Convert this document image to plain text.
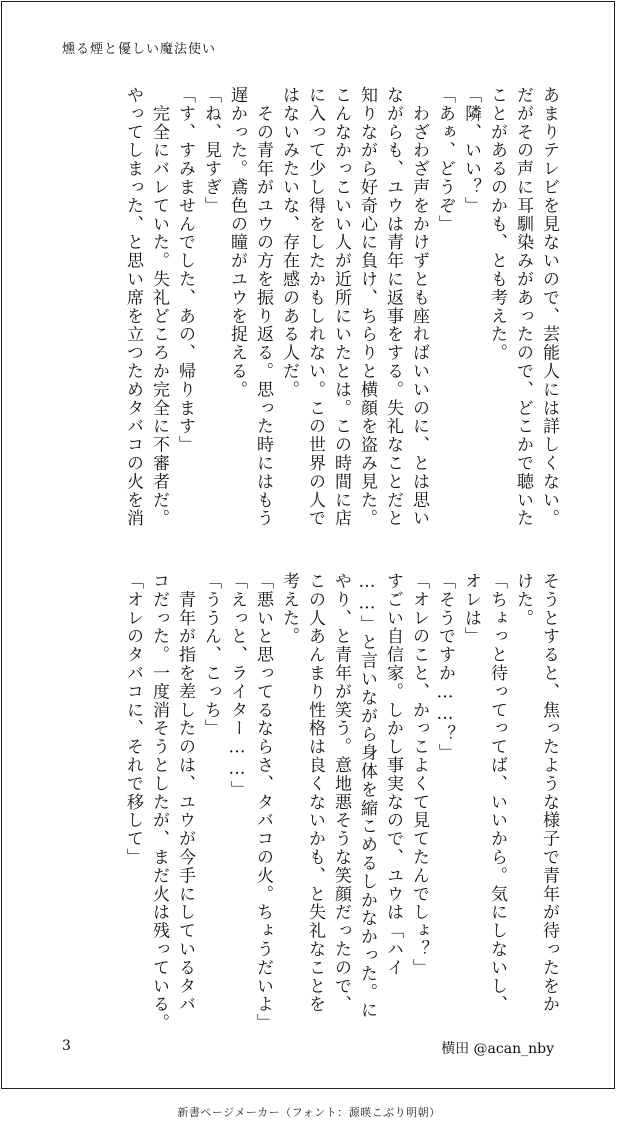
燻る煙と優しい魔法使い
あまりテレビを見ないので、芸能人には詳しくない。
だがその声に耳馴染みがあったので、どこかで聴いた
ことがあるのかも、とも考えた。
「隣、いい？」
「あぁ、どうぞ」
　わざわざ声をかけずとも座ればいいのに、とは思い
ながらも、ユウは青年に返事をする。失礼なことだと
知りながら好奇心に負け、ちらりと横顔を盗み見た。
こんなかっこいい人が近所にいたとは。この時間に店
に入って少し得をしたかもしれない。この世界の人で
はないみたいな、存在感のある人だ。
　その青年がユウの方を振り返る。思った時にはもう
遅かった。鳶色の瞳がユウを捉える。
「ね、見すぎ」
「す、すみませんでした、あの、帰ります」
　完全にバレていた。失礼どころか完全に不審者だ。
やってしまった、と思い席を立つためタバコの火を消
そうとすると、焦ったような様子で青年が待ったをか
けた。
「ちょっと待ってってば、いいから。気にしないし、
オレは」
「そうですか……？」
「オレのこと、かっこよくて見てたんでしょ？」
すごい自信家。しかし事実なので、ユウは「ハイ
……」と言いながら身体を縮こめるしかなかった。に
やり、と青年が笑う。意地悪そうな笑顔だったので、
この人あんまり性格は良くないかも、と失礼なことを
考えた。
「悪いと思ってるならさ、タバコの火。ちょうだいよ」
「えっと、ライター……」
「ううん、こっち」
　青年が指を差したのは、ユウが今手にしているタバ
コだった。一度消そうとしたが、まだ火は残っている。
「オレのタバコに、それで移して」
3	横田 @acan_nby
新書ページメーカー（フォント：源暎こぶり明朝）
